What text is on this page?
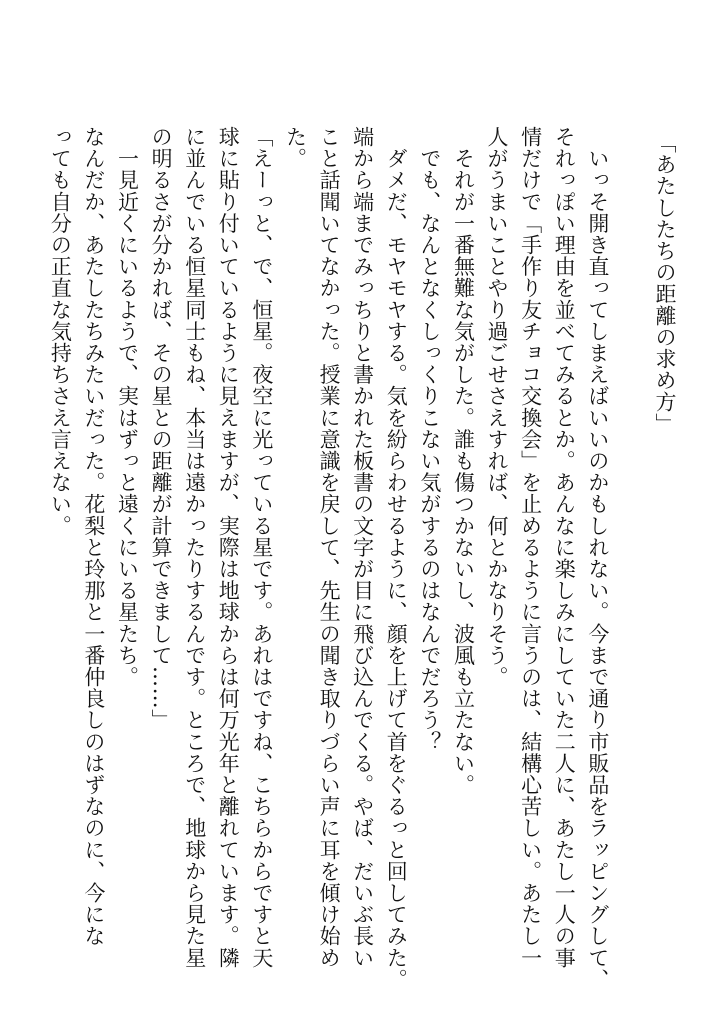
「あたしたちの距離の求め方」

　いっそ開き直ってしまえばいいのかもしれない。今まで通り市販品をラッピングして、
それっぽい理由を並べてみるとか。あんなに楽しみにしていた二人に、あたし一人の事
情だけで「手作り友チョコ交換会」を止めるように言うのは、結構心苦しい。あたし一
人がうまいことやり過ごせさえすれば、何とかなりそう。
　それが一番無難な気がした。誰も傷つかないし、波風も立たない。
　でも、なんとなくしっくりこない気がするのはなんでだろう？
　ダメだ、モヤモヤする。気を紛らわせるように、顔を上げて首をぐるっと回してみた。
端から端までみっちりと書かれた板書の文字が目に飛び込んでくる。やば、だいぶ長い
こと話聞いてなかった。授業に意識を戻して、先生の聞き取りづらい声に耳を傾け始め
た。
「えーっと、で、恒星。夜空に光っている星です。あれはですね、こちらからですと天
球に貼り付いているように見えますが、実際は地球からは何万光年と離れています。隣
に並んでいる恒星同士もね、本当は遠かったりするんです。ところで、地球から見た星
の明るさが分かれば、その星との距離が計算できまして……」
　一見近くにいるようで、実はずっと遠くにいる星たち。
なんだか、あたしたちみたいだった。花梨と玲那と一番仲良しのはずなのに、今にな
っても自分の正直な気持ちさえ言えない。
